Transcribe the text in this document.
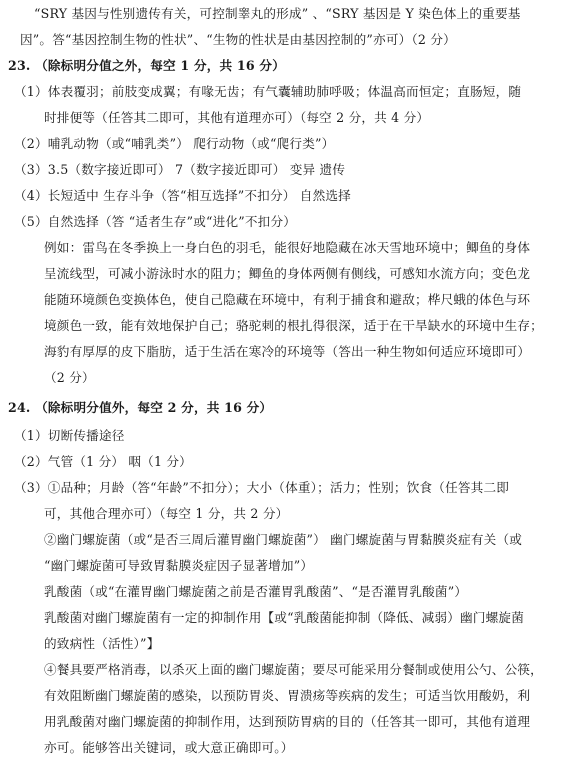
“SRY 基因与性别遗传有关，可控制睾丸的形成” 、“SRY 基因是 Y 染色体上的重要基
因”。答“基因控制生物的性状”、“生物的性状是由基因控制的”亦可）（2 分）
23. （除标明分值之外，每空 1 分，共 16 分）
（1）体表覆羽；前肢变成翼；有喙无齿；有气囊辅助肺呼吸；体温高而恒定；直肠短，随
时排便等（任答其二即可，其他有道理亦可）（每空 2 分，共 4 分）
（2）哺乳动物（或“哺乳类”） 爬行动物（或“爬行类”）
（3）3.5（数字接近即可） 7（数字接近即可） 变异 遗传
（4）长短适中 生存斗争（答“相互选择”不扣分） 自然选择
（5）自然选择（答 “适者生存”或“进化”不扣分）
例如：雷鸟在冬季换上一身白色的羽毛，能很好地隐藏在冰天雪地环境中；鲫鱼的身体
呈流线型，可减小游泳时水的阻力；鲫鱼的身体两侧有侧线，可感知水流方向；变色龙
能随环境颜色变换体色，使自己隐藏在环境中，有利于捕食和避敌；桦尺蛾的体色与环
境颜色一致，能有效地保护自己；骆驼刺的根扎得很深，适于在干旱缺水的环境中生存；
海豹有厚厚的皮下脂肪，适于生活在寒冷的环境等（答出一种生物如何适应环境即可）
（2 分）
24. （除标明分值外，每空 2 分，共 16 分）
（1）切断传播途径
（2）气管（1 分） 咽（1 分）
（3）①品种；月龄（答“年龄”不扣分）；大小（体重）；活力；性别；饮食（任答其二即
可，其他合理亦可）（每空 1 分，共 2 分）
②幽门螺旋菌（或“是否三周后灌胃幽门螺旋菌”） 幽门螺旋菌与胃黏膜炎症有关（或
“幽门螺旋菌可导致胃黏膜炎症因子显著增加”）
乳酸菌（或“在灌胃幽门螺旋菌之前是否灌胃乳酸菌”、“是否灌胃乳酸菌”）
乳酸菌对幽门螺旋菌有一定的抑制作用【或“乳酸菌能抑制（降低、减弱）幽门螺旋菌
的致病性（活性）”】
④餐具要严格消毒，以杀灭上面的幽门螺旋菌；要尽可能采用分餐制或使用公勺、公筷，
有效阻断幽门螺旋菌的感染，以预防胃炎、胃溃疡等疾病的发生；可适当饮用酸奶，利
用乳酸菌对幽门螺旋菌的抑制作用，达到预防胃病的目的（任答其一即可，其他有道理
亦可。能够答出关键词，或大意正确即可。）
